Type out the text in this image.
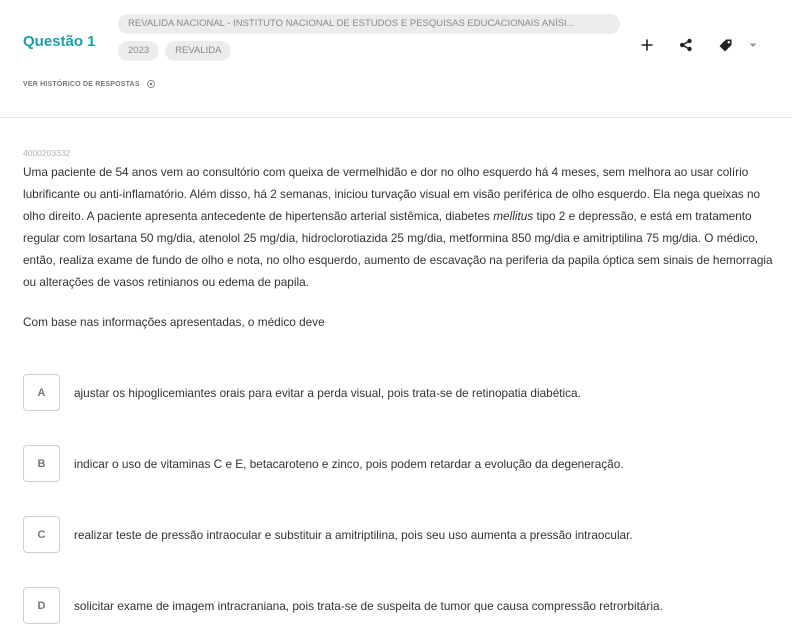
Questão 1
REVALIDA NACIONAL - INSTITUTO NACIONAL DE ESTUDOS E PESQUISAS EDUCACIONAIS ANÍSI...
2023	REVALIDA
VER HISTÓRICO DE RESPOSTAS
4000203332

Uma paciente de 54 anos vem ao consultório com queixa de vermelhidão e dor no olho esquerdo há 4 meses, sem melhora ao usar colírio lubrificante ou anti-inflamatório. Além disso, há 2 semanas, iniciou turvação visual em visão periférica de olho esquerdo. Ela nega queixas no olho direito. A paciente apresenta antecedente de hipertensão arterial sistêmica, diabetes mellitus tipo 2 e depressão, e está em tratamento regular com losartana 50 mg/dia, atenolol 25 mg/dia, hidroclorotiazida 25 mg/dia, metformina 850 mg/dia e amitriptilina 75 mg/dia. O médico, então, realiza exame de fundo de olho e nota, no olho esquerdo, aumento de escavação na periferia da papila óptica sem sinais de hemorragia ou alterações de vasos retinianos ou edema de papila.

Com base nas informações apresentadas, o médico deve

A	ajustar os hipoglicemiantes orais para evitar a perda visual, pois trata-se de retinopatia diabética.
B	indicar o uso de vitaminas C e E, betacaroteno e zinco, pois podem retardar a evolução da degeneração.
C	realizar teste de pressão intraocular e substituir a amitriptilina, pois seu uso aumenta a pressão intraocular.
D	solicitar exame de imagem intracraniana, pois trata-se de suspeita de tumor que causa compressão retrorbitária.
